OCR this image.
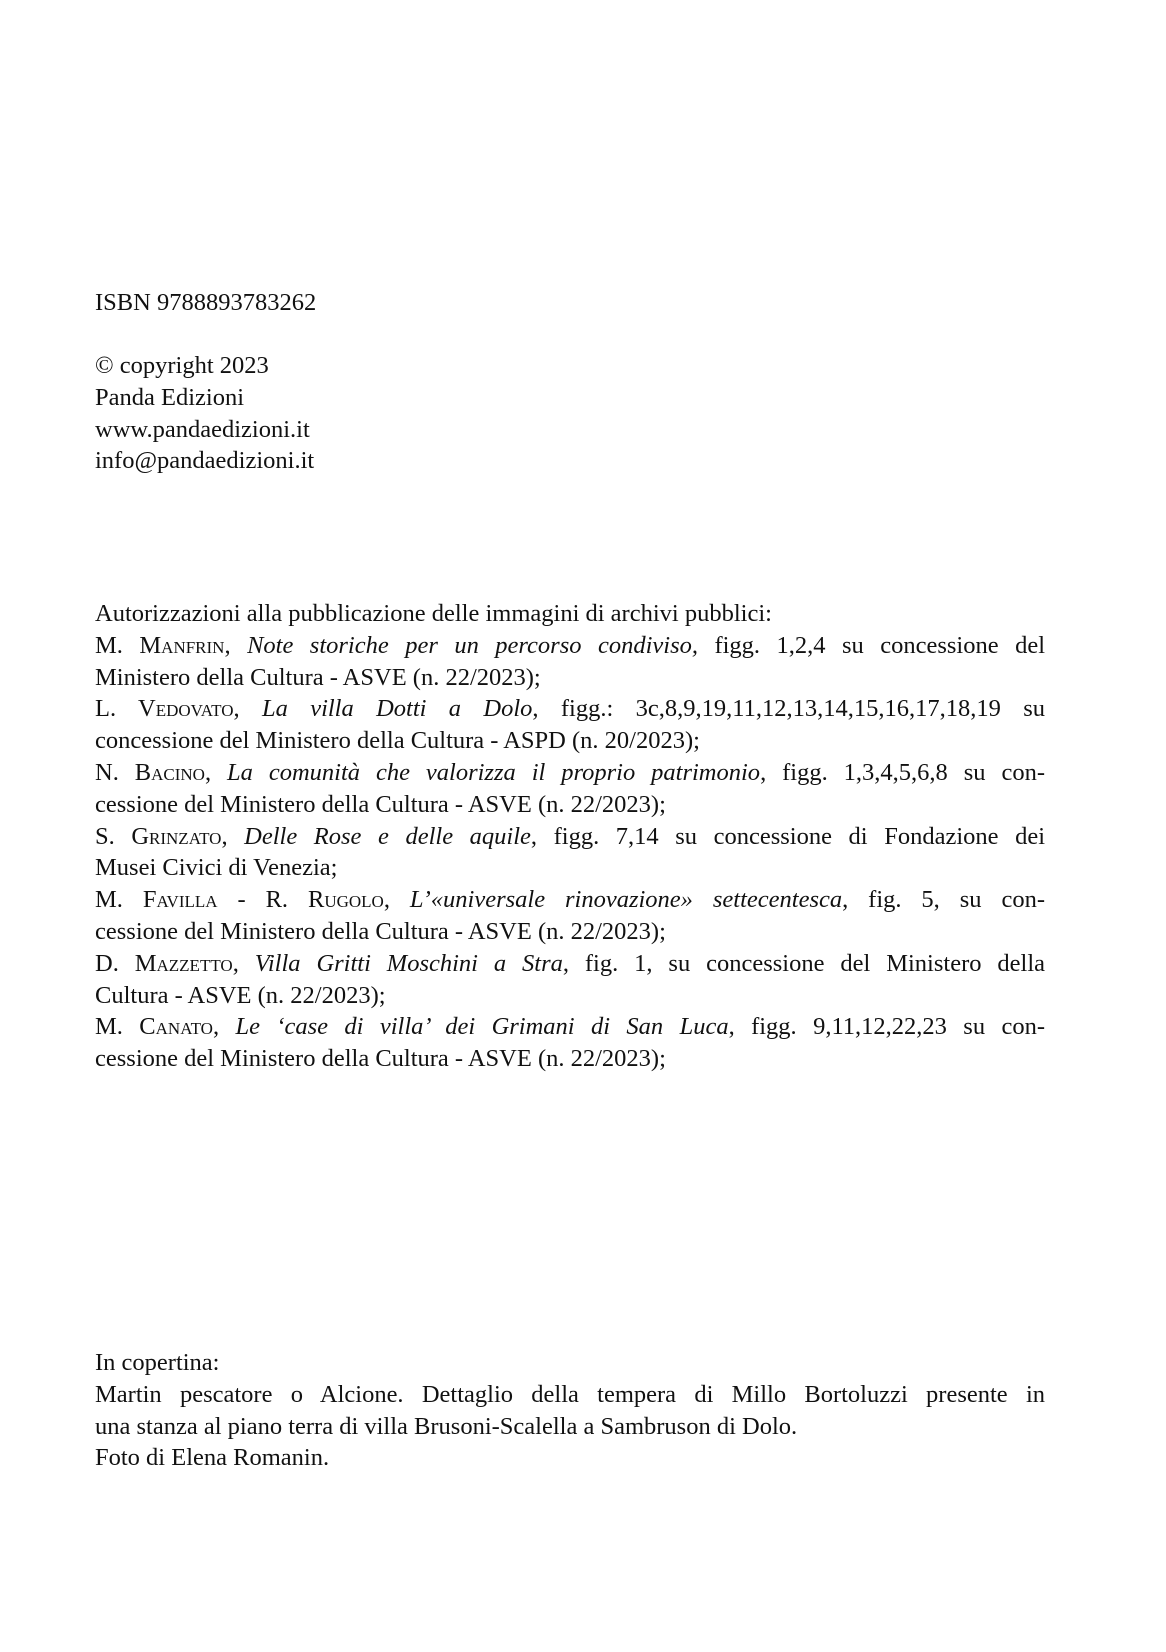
ISBN 9788893783262
© copyright 2023
Panda Edizioni
www.pandaedizioni.it
info@pandaedizioni.it
Autorizzazioni alla pubblicazione delle immagini di archivi pubblici:
M. Manfrin, Note storiche per un percorso condiviso, figg. 1,2,4 su concessione del
Ministero della Cultura - ASVE (n. 22/2023);
L. Vedovato, La villa Dotti a Dolo, figg.: 3c,8,9,19,11,12,13,14,15,16,17,18,19 su
concessione del Ministero della Cultura - ASPD (n. 20/2023);
N. Bacino, La comunità che valorizza il proprio patrimonio, figg. 1,3,4,5,6,8 su con-
cessione del Ministero della Cultura - ASVE (n. 22/2023);
S. Grinzato, Delle Rose e delle aquile, figg. 7,14 su concessione di Fondazione dei
Musei Civici di Venezia;
M. Favilla - R. Rugolo, L’«universale rinovazione» settecentesca, fig. 5, su con-
cessione del Ministero della Cultura - ASVE (n. 22/2023);
D. Mazzetto, Villa Gritti Moschini a Stra, fig. 1, su concessione del Ministero della
Cultura - ASVE (n. 22/2023);
M. Canato, Le ‘case di villa’ dei Grimani di San Luca, figg. 9,11,12,22,23 su con-
cessione del Ministero della Cultura - ASVE (n. 22/2023);
In copertina:
Martin pescatore o Alcione. Dettaglio della tempera di Millo Bortoluzzi presente in
una stanza al piano terra di villa Brusoni-Scalella a Sambruson di Dolo.
Foto di Elena Romanin.
